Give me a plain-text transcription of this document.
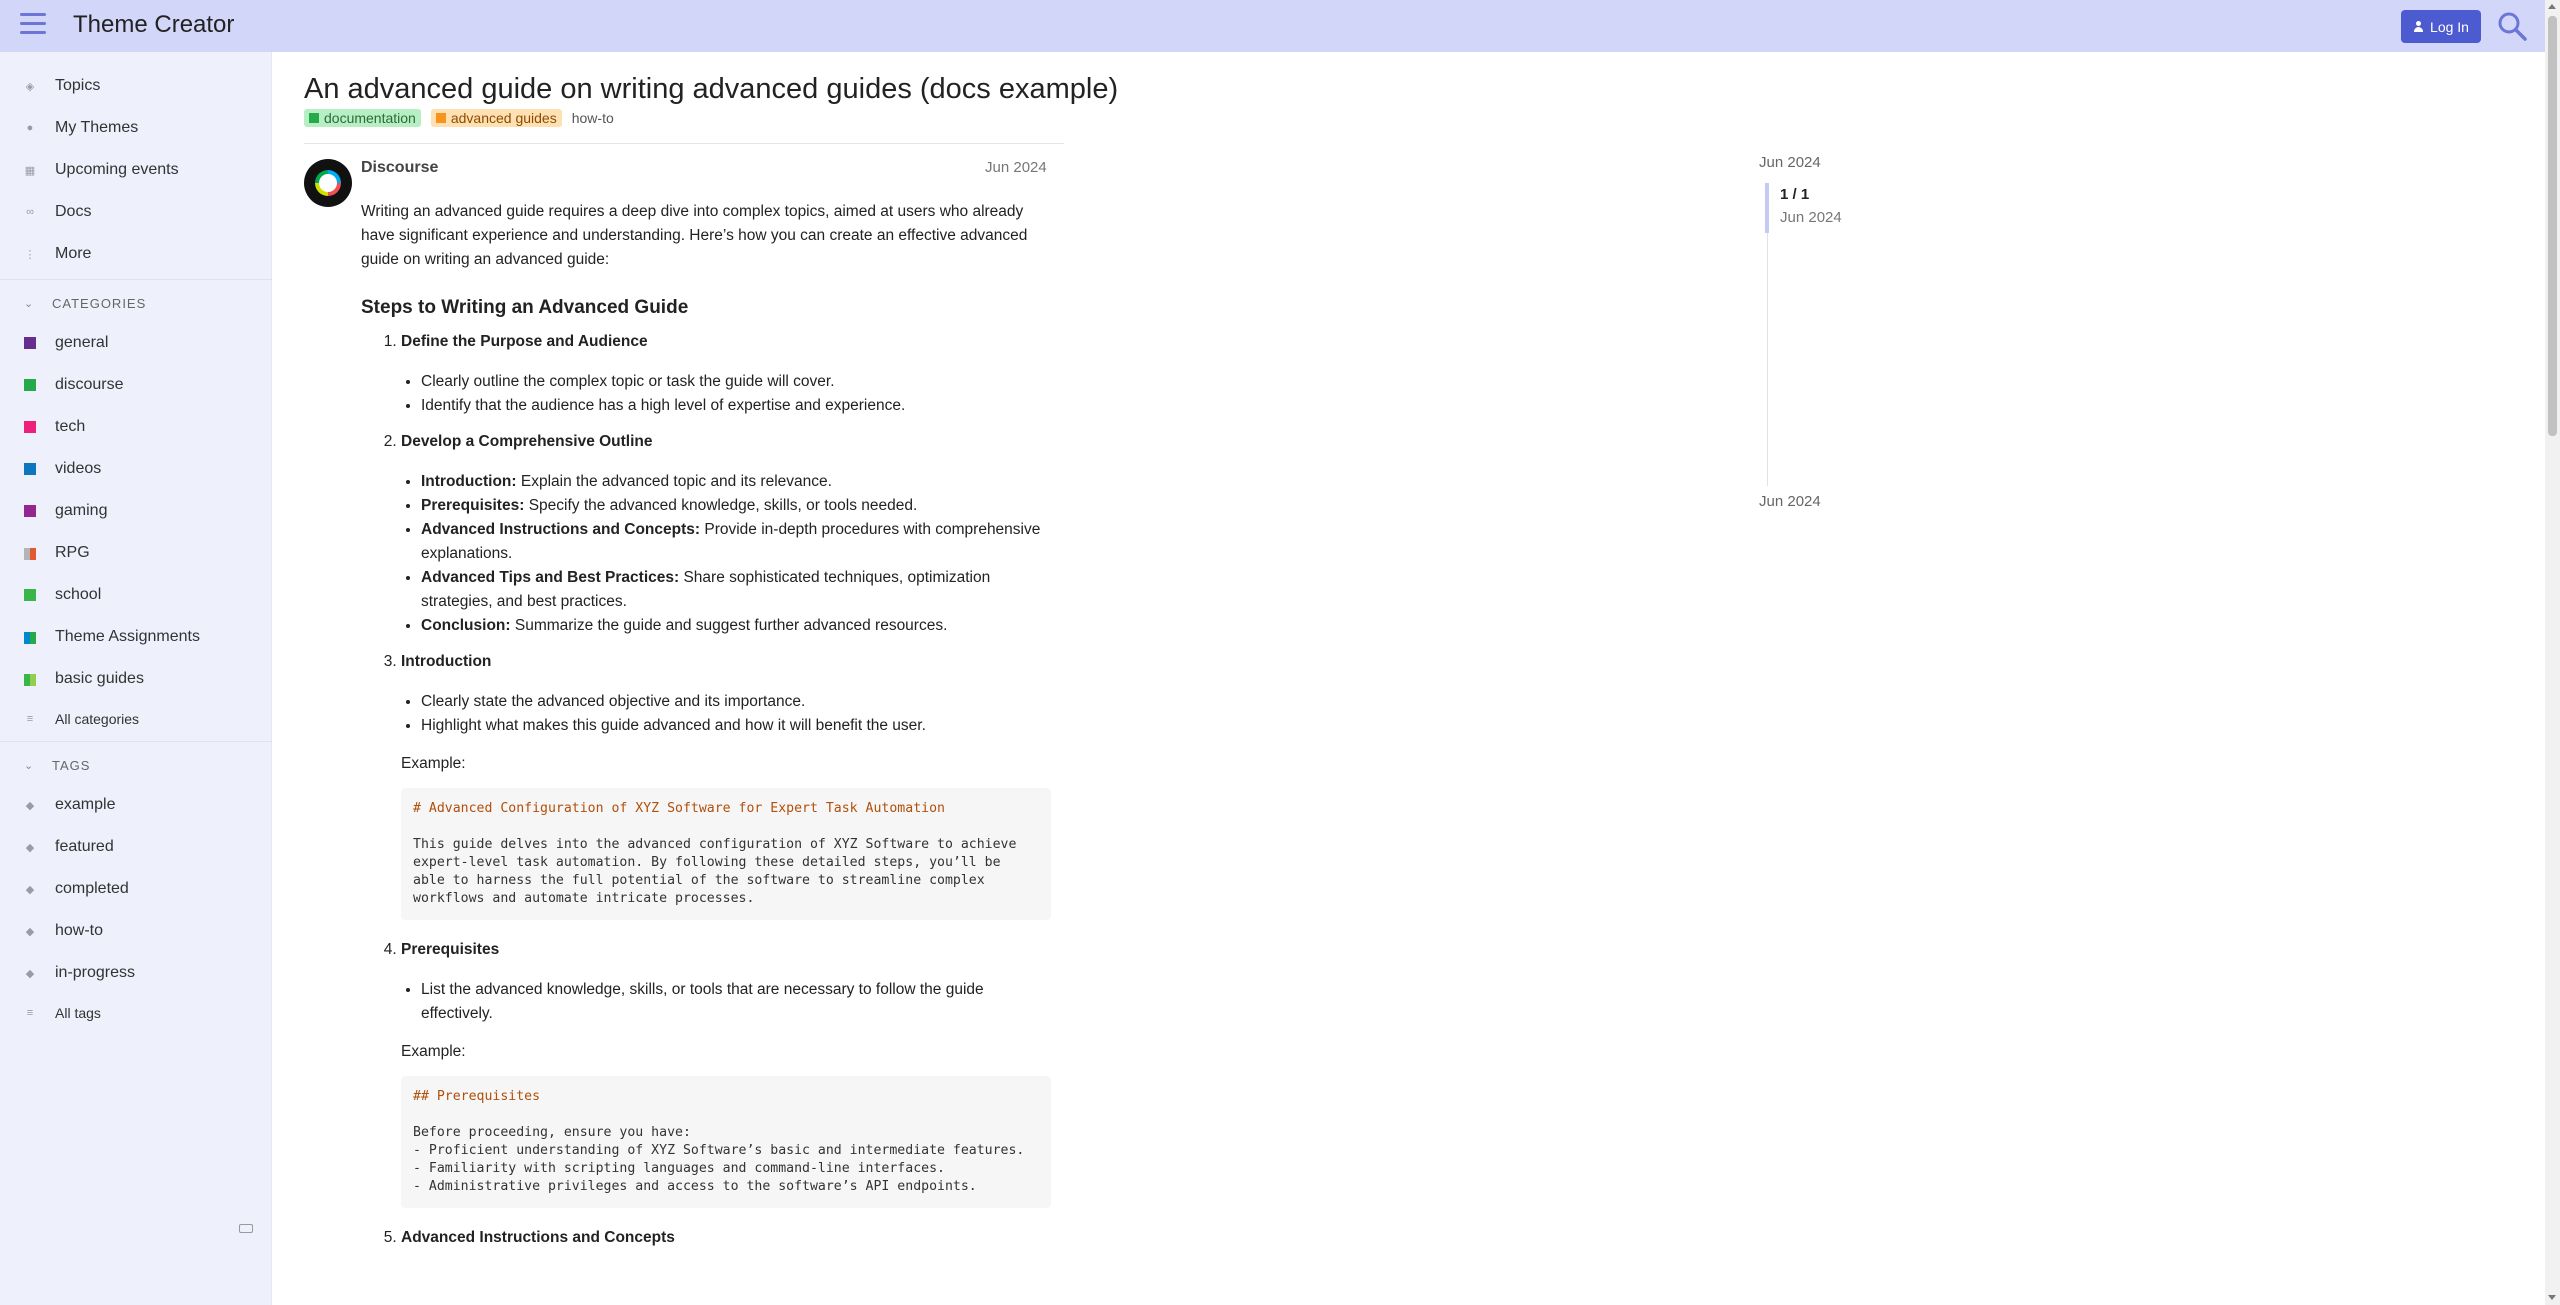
Theme Creator	Log In
◈ Topics
● My Themes
▦ Upcoming events
∞ Docs
⋮ More
⌄ CATEGORIES
general
discourse
tech
videos
gaming
RPG
school
Theme Assignments
basic guides
≡ All categories
⌄ TAGS
◆ example
◆ featured
◆ completed
◆ how-to
◆ in-progress
≡ All tags
An advanced guide on writing advanced guides (docs example)
documentation	advanced guides how-to
Discourse	Jun 2024

Writing an advanced guide requires a deep dive into complex topics, aimed at users who already have significant experience and understanding. Here’s how you can create an effective advanced guide on writing an advanced guide:

Steps to Writing an Advanced Guide
1. Define the Purpose and Audience
• Clearly outline the complex topic or task the guide will cover.
• Identify that the audience has a high level of expertise and experience.
2. Develop a Comprehensive Outline
• Introduction: Explain the advanced topic and its relevance.
• Prerequisites: Specify the advanced knowledge, skills, or tools needed.
• Advanced Instructions and Concepts: Provide in-depth procedures with comprehensive explanations.
• Advanced Tips and Best Practices: Share sophisticated techniques, optimization strategies, and best practices.
• Conclusion: Summarize the guide and suggest further advanced resources.
3. Introduction
• Clearly state the advanced objective and its importance.
• Highlight what makes this guide advanced and how it will benefit the user.
Example:
# Advanced Configuration of XYZ Software for Expert Task Automation
This guide delves into the advanced configuration of XYZ Software to achieve expert-level task automation. By following these detailed steps, you’ll be able to harness the full potential of the software to streamline complex workflows and automate intricate processes.
4. Prerequisites
• List the advanced knowledge, skills, or tools that are necessary to follow the guide effectively.
Example:
## Prerequisites
Before proceeding, ensure you have:
- Proficient understanding of XYZ Software’s basic and intermediate features.
- Familiarity with scripting languages and command-line interfaces.
- Administrative privileges and access to the software’s API endpoints.
5. Advanced Instructions and Concepts
Jun 2024
1 / 1
Jun 2024
Jun 2024
